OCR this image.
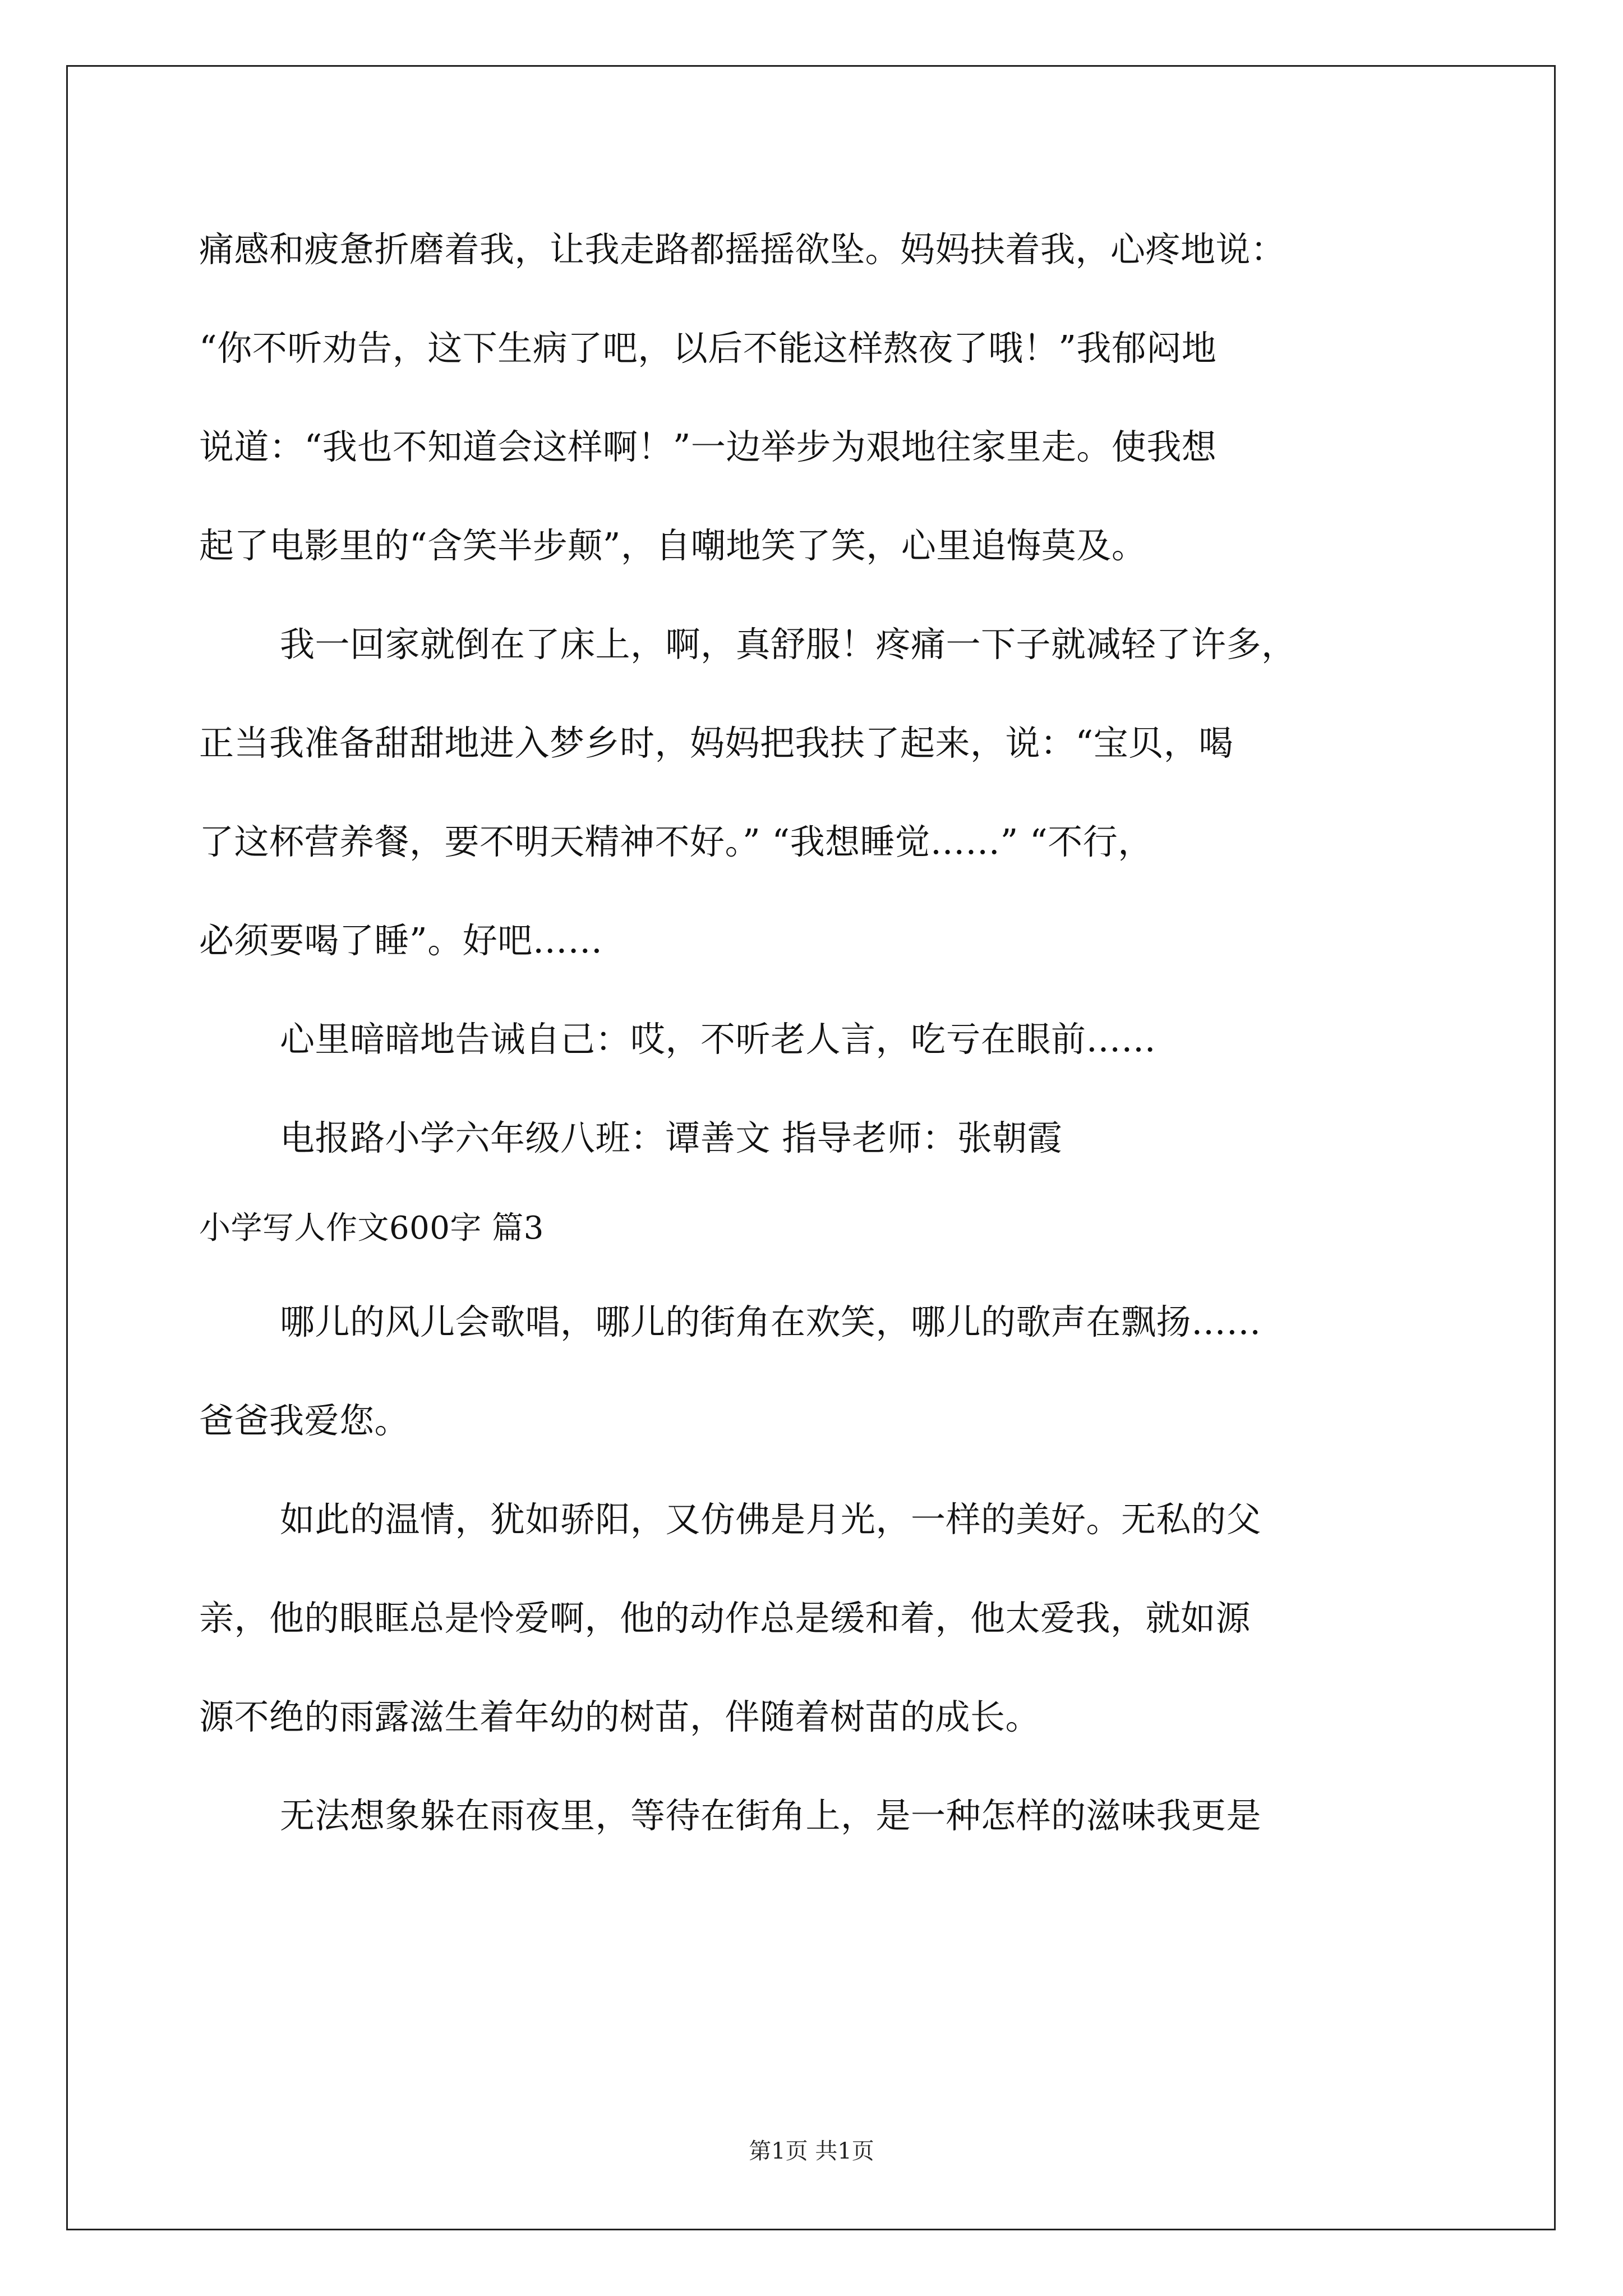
痛感和疲惫折磨着我，让我走路都摇摇欲坠。妈妈扶着我，心疼地说：
“你不听劝告，这下生病了吧，以后不能这样熬夜了哦！”我郁闷地
说道：“我也不知道会这样啊！”一边举步为艰地往家里走。使我想
起了电影里的“含笑半步颠”，自嘲地笑了笑，心里追悔莫及。
我一回家就倒在了床上，啊，真舒服！疼痛一下子就减轻了许多，
正当我准备甜甜地进入梦乡时，妈妈把我扶了起来，说：“宝贝，喝
了这杯营养餐，要不明天精神不好。” “我想睡觉……” “不行，
必须要喝了睡”。好吧……
心里暗暗地告诫自己：哎，不听老人言，吃亏在眼前……
电报路小学六年级八班：谭善文 指导老师：张朝霞
小学写人作文600字 篇3
哪儿的风儿会歌唱，哪儿的街角在欢笑，哪儿的歌声在飘扬……
爸爸我爱您。
如此的温情，犹如骄阳，又仿佛是月光，一样的美好。无私的父
亲，他的眼眶总是怜爱啊，他的动作总是缓和着，他太爱我，就如源
源不绝的雨露滋生着年幼的树苗，伴随着树苗的成长。
无法想象躲在雨夜里，等待在街角上，是一种怎样的滋味我更是
第1页 共1页
